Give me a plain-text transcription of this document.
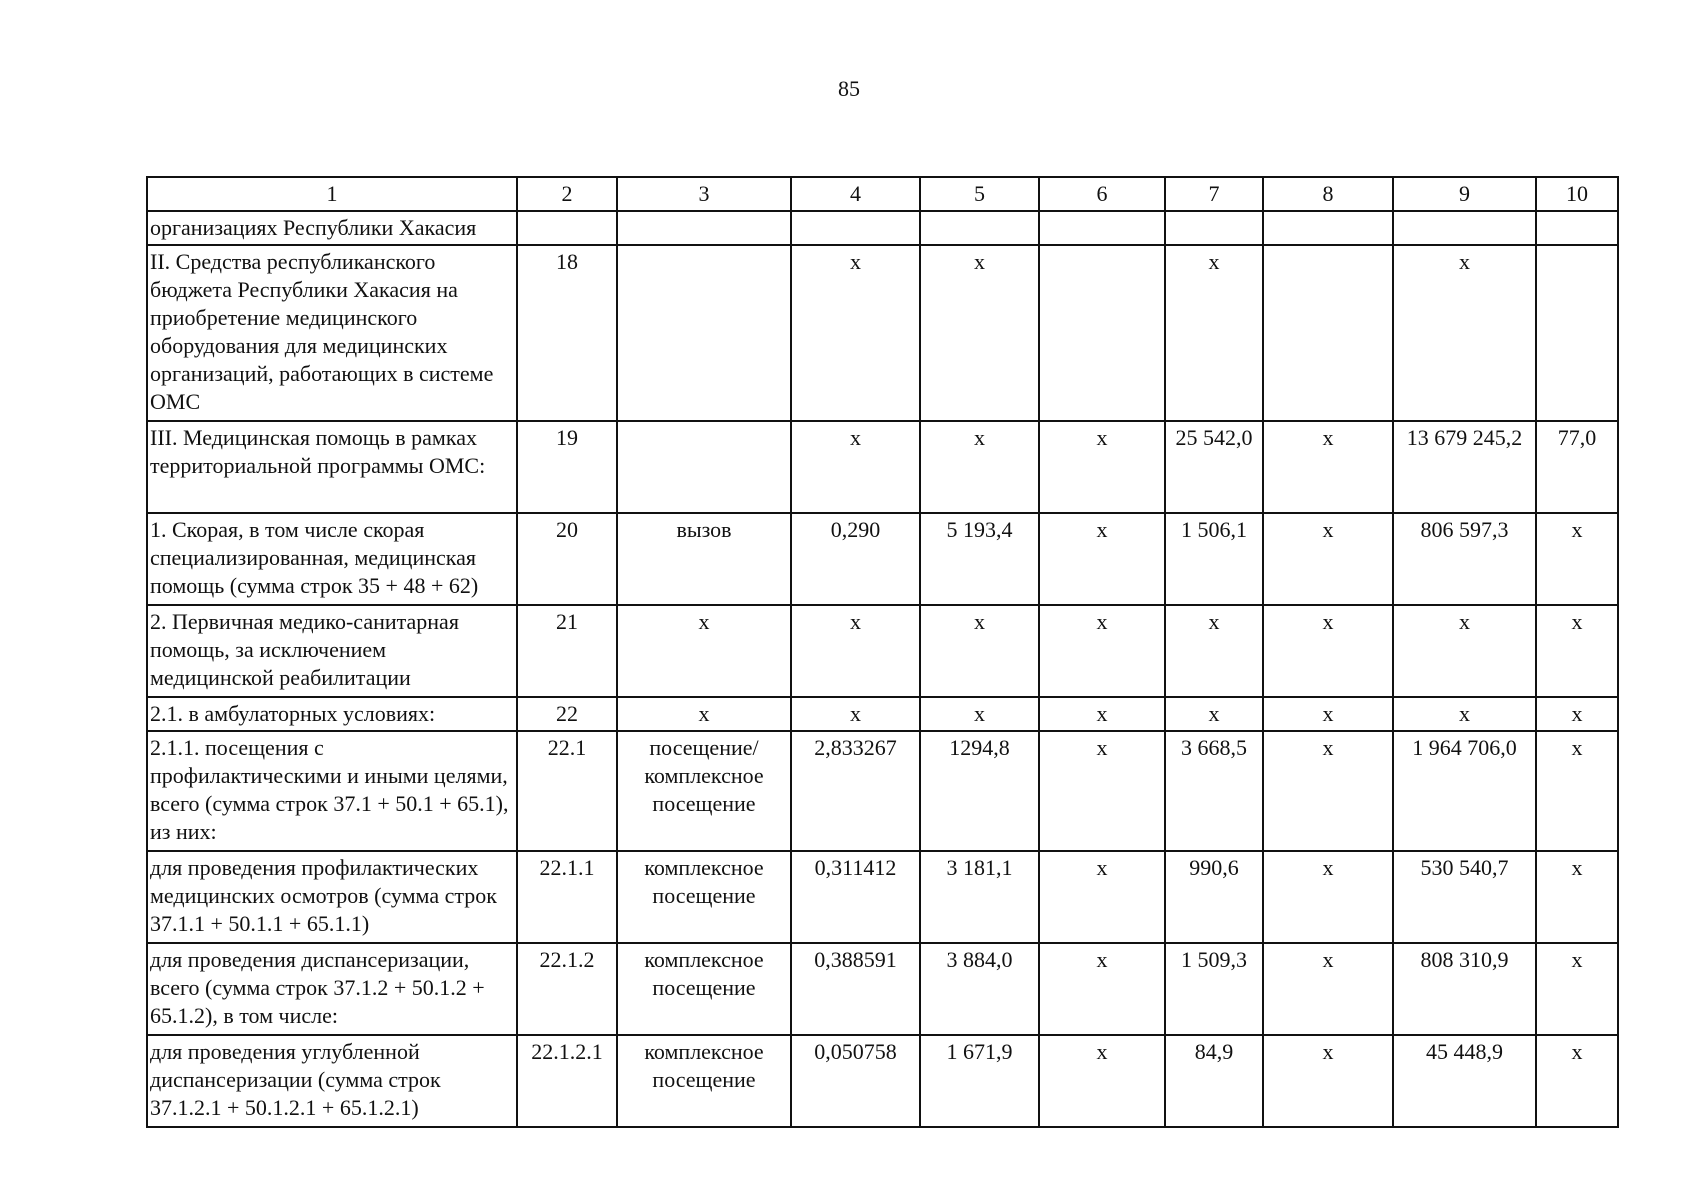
85
1	2	3	4	5	6	7	8	9	10
организациях Республики Хакасия									
II. Средства республиканского бюджета Республики Хакасия на приобретение медицинского оборудования для медицинских организаций, работающих в системе ОМС	18		х	х		х		х	
III. Медицинская помощь в рамках территориальной программы ОМС:	19		х	х	х	25 542,0	х	13 679 245,2	77,0
1. Скорая, в том числе скорая специализированная, медицинская помощь (сумма строк 35 + 48 + 62)	20	вызов	0,290	5 193,4	х	1 506,1	х	806 597,3	х
2. Первичная медико-санитарная помощь, за исключением медицинской реабилитации	21	х	х	х	х	х	х	х	х
2.1. в амбулаторных условиях:	22	х	х	х	х	х	х	х	х
2.1.1. посещения с профилактическими и иными целями, всего (сумма строк 37.1 + 50.1 + 65.1), из них:	22.1	посещение/ комплексное посещение	2,833267	1294,8	х	3 668,5	х	1 964 706,0	х
для проведения профилактических медицинских осмотров (сумма строк 37.1.1 + 50.1.1 + 65.1.1)	22.1.1	комплексное посещение	0,311412	3 181,1	х	990,6	х	530 540,7	х
для проведения диспансеризации, всего (сумма строк 37.1.2 + 50.1.2 + 65.1.2), в том числе:	22.1.2	комплексное посещение	0,388591	3 884,0	х	1 509,3	х	808 310,9	х
для проведения углубленной диспансеризации (сумма строк 37.1.2.1 + 50.1.2.1 + 65.1.2.1)	22.1.2.1	комплексное посещение	0,050758	1 671,9	х	84,9	х	45 448,9	х
